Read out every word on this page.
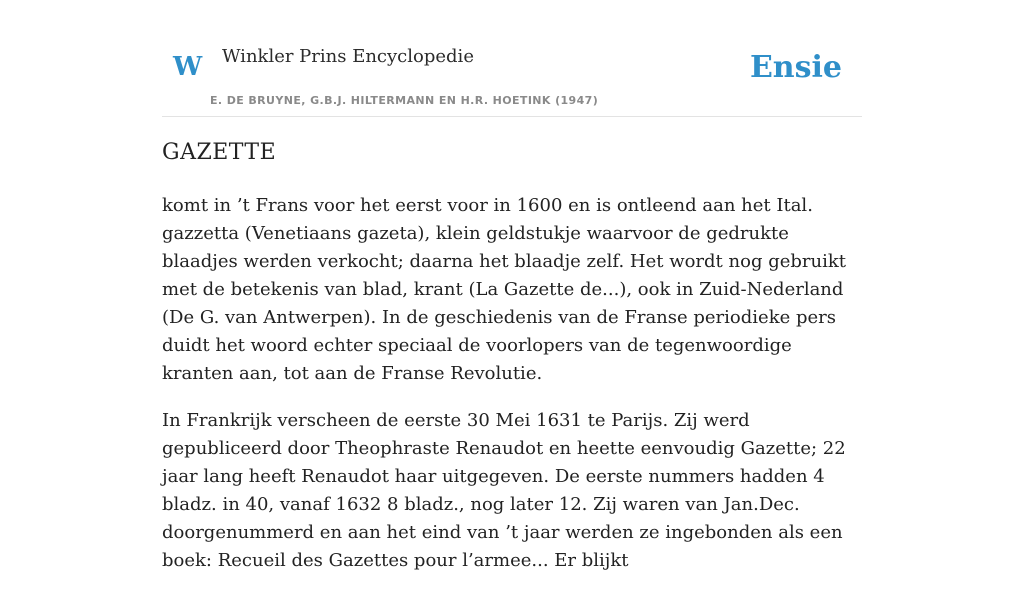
W Winkler Prins Encyclopedie
E. DE BRUYNE, G.B.J. HILTERMANN EN H.R. HOETINK (1947)
Ensie
GAZETTE

komt in ’t Frans voor het eerst voor in 1600 en is ontleend aan het Ital. gazzetta (Venetiaans gazeta), klein geldstukje waarvoor de gedrukte blaadjes werden verkocht; daarna het blaadje zelf. Het wordt nog gebruikt met de betekenis van blad, krant (La Gazette de...), ook in Zuid-Nederland (De G. van Antwerpen). In de geschiedenis van de Franse periodieke pers duidt het woord echter speciaal de voorlopers van de tegenwoordige kranten aan, tot aan de Franse Revolutie.

In Frankrijk verscheen de eerste 30 Mei 1631 te Parijs. Zij werd gepubliceerd door Theophraste Renaudot en heette eenvoudig Gazette; 22 jaar lang heeft Renaudot haar uitgegeven. De eerste nummers hadden 4 bladz. in 40, vanaf 1632 8 bladz., nog later 12. Zij waren van Jan.Dec. doorgenummerd en aan het eind van ’t jaar werden ze ingebonden als een boek: Recueil des Gazettes pour l’armee... Er blijkt
